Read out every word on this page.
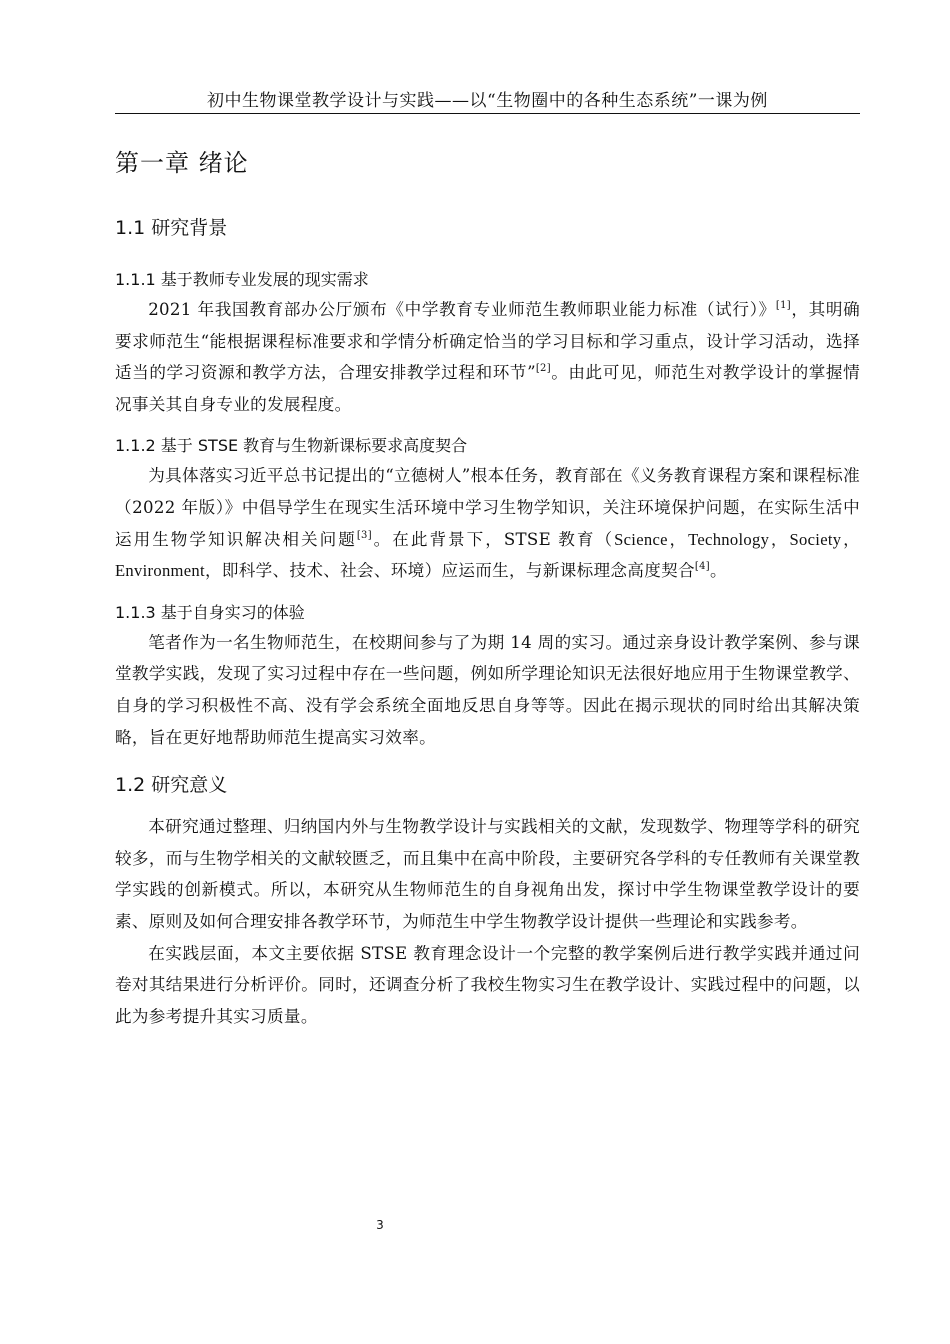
初中生物课堂教学设计与实践——以“生物圈中的各种生态系统”一课为例
第一章 绪论
1.1 研究背景
1.1.1 基于教师专业发展的现实需求

2021 年我国教育部办公厅颁布《中学教育专业师范生教师职业能力标准（试行）》[1]，其明确要求师范生“能根据课程标准要求和学情分析确定恰当的学习目标和学习重点，设计学习活动，选择适当的学习资源和教学方法，合理安排教学过程和环节”[2]。由此可见，师范生对教学设计的掌握情况事关其自身专业的发展程度。

1.1.2 基于 STSE 教育与生物新课标要求高度契合

为具体落实习近平总书记提出的“立德树人”根本任务，教育部在《义务教育课程方案和课程标准（2022 年版）》中倡导学生在现实生活环境中学习生物学知识，关注环境保护问题，在实际生活中运用生物学知识解决相关问题[3]。在此背景下，STSE 教育（Science，Technology，Society，Environment，即科学、技术、社会、环境）应运而生，与新课标理念高度契合[4]。

1.1.3 基于自身实习的体验

笔者作为一名生物师范生，在校期间参与了为期 14 周的实习。通过亲身设计教学案例、参与课堂教学实践，发现了实习过程中存在一些问题，例如所学理论知识无法很好地应用于生物课堂教学、自身的学习积极性不高、没有学会系统全面地反思自身等等。因此在揭示现状的同时给出其解决策略，旨在更好地帮助师范生提高实习效率。

1.2 研究意义

本研究通过整理、归纳国内外与生物教学设计与实践相关的文献，发现数学、物理等学科的研究较多，而与生物学相关的文献较匮乏，而且集中在高中阶段，主要研究各学科的专任教师有关课堂教学实践的创新模式。所以，本研究从生物师范生的自身视角出发，探讨中学生物课堂教学设计的要素、原则及如何合理安排各教学环节，为师范生中学生物教学设计提供一些理论和实践参考。

在实践层面，本文主要依据 STSE 教育理念设计一个完整的教学案例后进行教学实践并通过问卷对其结果进行分析评价。同时，还调查分析了我校生物实习生在教学设计、实践过程中的问题，以此为参考提升其实习质量。

3
